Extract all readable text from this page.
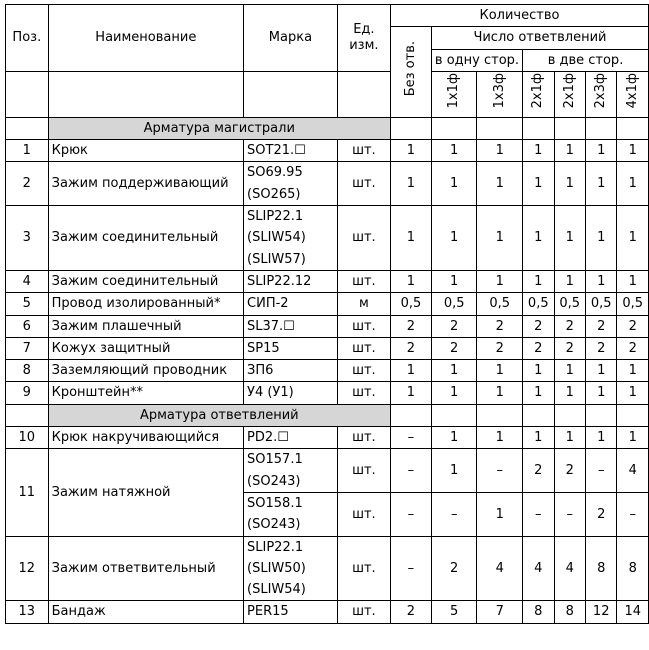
Поз.	Наименование	Марка	Ед. изм.	Количество						
				Без отв.	Число ответвлений					
					в одну стор.		в две стор.			
					1х1ф	1х3ф	2х1ф	2х1ф	2х3ф	4х1ф
	Арматура магистрали									
1	Крюк	SOT21.☐	шт.	1	1	1	1	1	1	1
2	Зажим поддерживающий	SO69.95
(SO265)	шт.	1	1	1	1	1	1	1
3	Зажим соединительный	SLIP22.1
(SLIW54)
(SLIW57)	шт.	1	1	1	1	1	1	1
4	Зажим соединительный	SLIP22.12	шт.	1	1	1	1	1	1	1
5	Провод изолированный*	СИП-2	м	0,5	0,5	0,5	0,5	0,5	0,5	0,5
6	Зажим плашечный	SL37.☐	шт.	2	2	2	2	2	2	2
7	Кожух защитный	SP15	шт.	2	2	2	2	2	2	2
8	Заземляющий проводник	ЗП6	шт.	1	1	1	1	1	1	1
9	Кронштейн**	У4 (У1)	шт.	1	1	1	1	1	1	1
	Арматура ответвлений									
10	Крюк накручивающийся	PD2.☐	шт.	–	1	1	1	1	1	1
11	Зажим натяжной	SO157.1
(SO243)	шт.	–	1	–	2	2	–	4

		SO158.1
(SO243)	шт.	–	–	1	–	–	2	–
12	Зажим ответвительный	SLIP22.1
(SLIW50)
(SLIW54)	шт.	–	2	4	4	4	8	8
13	Бандаж	PER15	шт.	2	5	7	8	8	12	14
